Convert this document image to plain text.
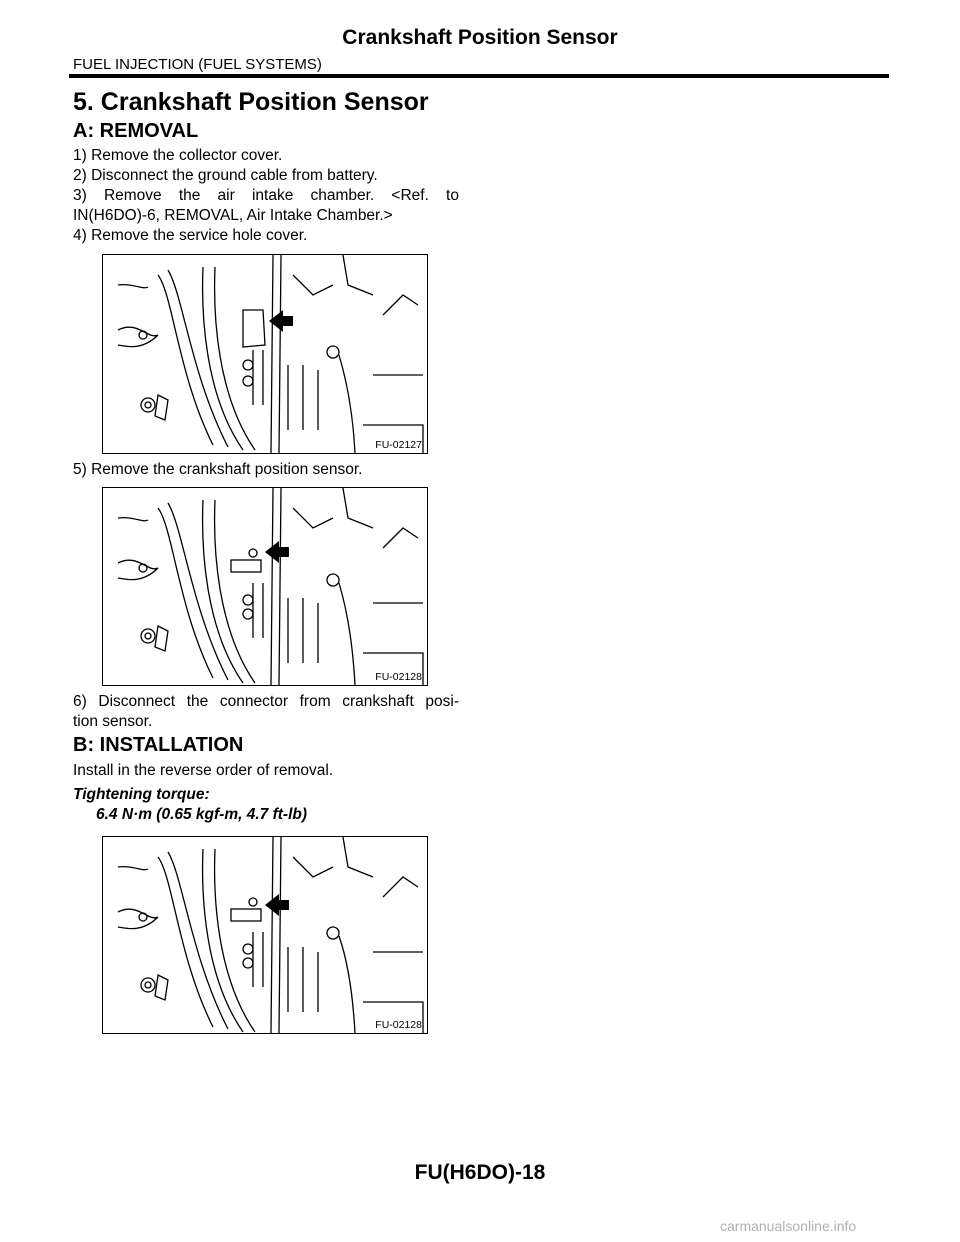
Crankshaft Position Sensor
FUEL INJECTION (FUEL SYSTEMS)
5. Crankshaft Position Sensor
A: REMOVAL
1) Remove the collector cover.
2) Disconnect the ground cable from battery.
3) Remove the air intake chamber. <Ref. to
IN(H6DO)-6, REMOVAL, Air Intake Chamber.>
4) Remove the service hole cover.
FU-02127
5) Remove the crankshaft position sensor.
FU-02128
6) Disconnect the connector from crankshaft posi-
tion sensor.
B: INSTALLATION
Install in the reverse order of removal.
Tightening torque:
6.4 N·m (0.65 kgf-m, 4.7 ft-lb)
FU-02128
FU(H6DO)-18
carmanualsonline.info
